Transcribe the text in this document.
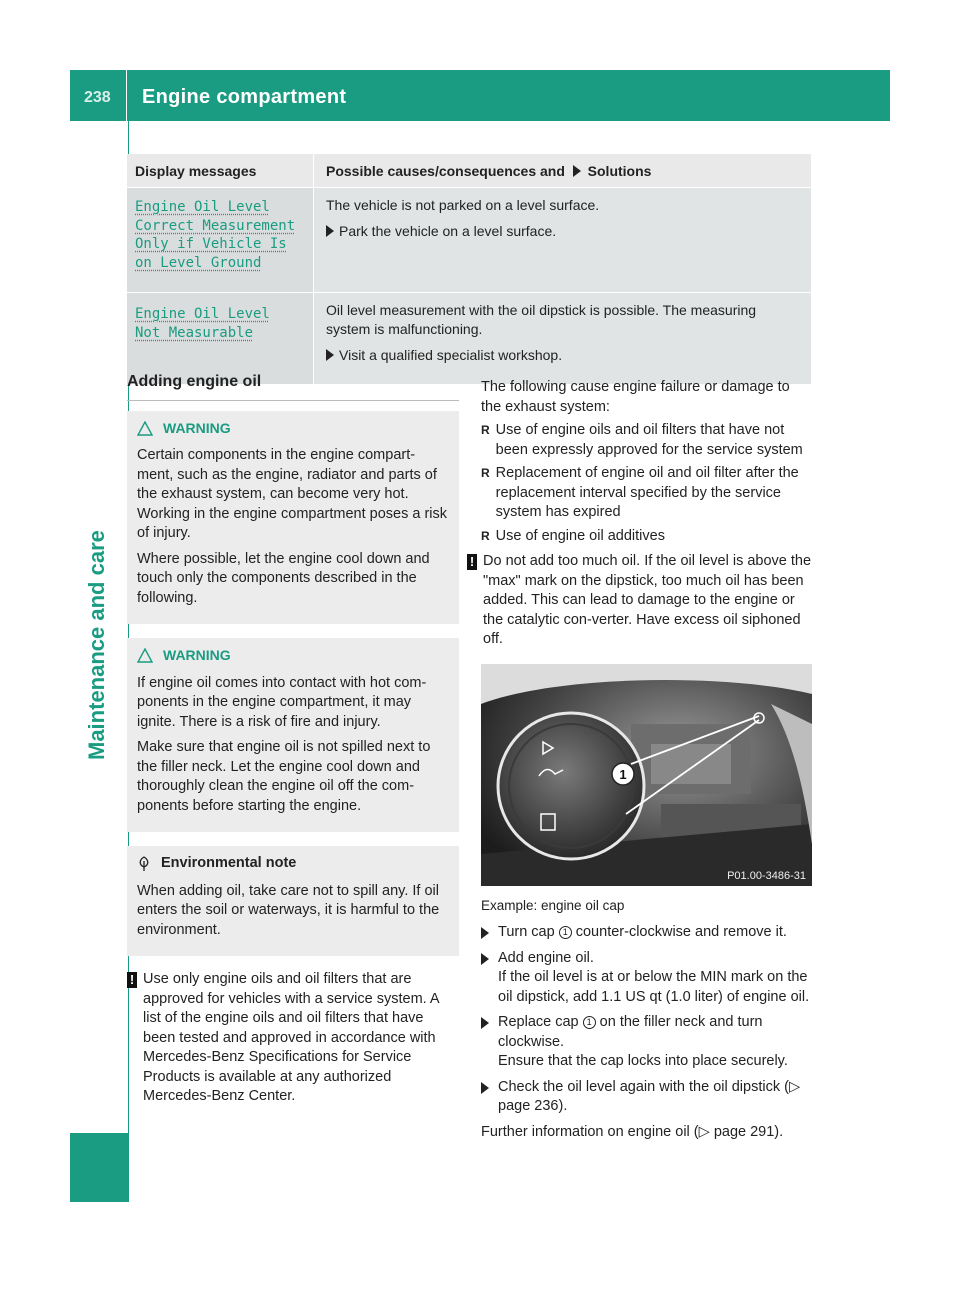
238 Engine compartment
Maintenance and care
Display messages	Possible causes/consequences and Solutions
Engine Oil Level
Correct Measurement
Only if Vehicle Is
on Level Ground
The vehicle is not parked on a level surface.
Park the vehicle on a level surface.
Engine Oil Level
Not Measurable
Oil level measurement with the oil dipstick is possible. The measuring system is malfunctioning.
Visit a qualified specialist workshop.
Adding engine oil
WARNING

Certain components in the engine compart-ment, such as the engine, radiator and parts of the exhaust system, can become very hot. Working in the engine compartment poses a risk of injury.

Where possible, let the engine cool down and touch only the components described in the following.

WARNING

If engine oil comes into contact with hot com-ponents in the engine compartment, it may ignite. There is a risk of fire and injury.

Make sure that engine oil is not spilled next to the filler neck. Let the engine cool down and thoroughly clean the engine oil off the com-ponents before starting the engine.

Environmental note

When adding oil, take care not to spill any. If oil enters the soil or waterways, it is harmful to the environment.

! Use only engine oils and oil filters that are approved for vehicles with a service system. A list of the engine oils and oil filters that have been tested and approved in accordance with Mercedes-Benz Specifications for Service Products is available at any authorized Mercedes-Benz Center.
The following cause engine failure or damage to the exhaust system:
R Use of engine oils and oil filters that have not been expressly approved for the service system
R Replacement of engine oil and oil filter after the replacement interval specified by the service system has expired
R Use of engine oil additives
! Do not add too much oil. If the oil level is above the "max" mark on the dipstick, too much oil has been added. This can lead to damage to the engine or the catalytic con-verter. Have excess oil siphoned off.
1
P01.00-3486-31
Example: engine oil cap
Turn cap 1 counter-clockwise and remove it.
Add engine oil.
If the oil level is at or below the MIN mark on the oil dipstick, add 1.1 US qt (1.0 liter) of engine oil.
Replace cap 1 on the filler neck and turn clockwise.
Ensure that the cap locks into place securely.
Check the oil level again with the oil dipstick (▷ page 236).
Further information on engine oil (▷ page 291).
